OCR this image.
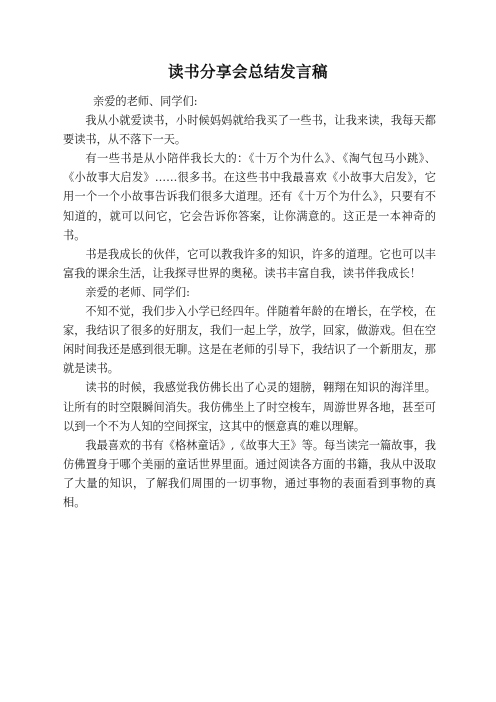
读书分享会总结发言稿

亲爱的老师、同学们:

我从小就爱读书，小时候妈妈就给我买了一些书，让我来读，我每天都要读书，从不落下一天。

有一些书是从小陪伴我长大的：《十万个为什么》、《淘气包马小跳》、《小故事大启发》……很多书。在这些书中我最喜欢《小故事大启发》，它用一个一个小故事告诉我们很多大道理。还有《十万个为什么》，只要有不知道的，就可以问它，它会告诉你答案，让你满意的。这正是一本神奇的书。

书是我成长的伙伴，它可以教我许多的知识，许多的道理。它也可以丰富我的课余生活，让我探寻世界的奥秘。读书丰富自我，读书伴我成长！

亲爱的老师、同学们:

不知不觉，我们步入小学已经四年。伴随着年龄的在增长，在学校，在家，我结识了很多的好朋友，我们一起上学，放学，回家，做游戏。但在空闲时间我还是感到很无聊。这是在老师的引导下，我结识了一个新朋友，那就是读书。

读书的时候，我感觉我仿佛长出了心灵的翅膀，翱翔在知识的海洋里。让所有的时空限瞬间消失。我仿佛坐上了时空梭车，周游世界各地，甚至可以到一个不为人知的空间探宝，这其中的惬意真的难以理解。

我最喜欢的书有《格林童话》,《故事大王》等。每当读完一篇故事，我仿佛置身于哪个美丽的童话世界里面。通过阅读各方面的书籍，我从中汲取了大量的知识，了解我们周围的一切事物，通过事物的表面看到事物的真相。
